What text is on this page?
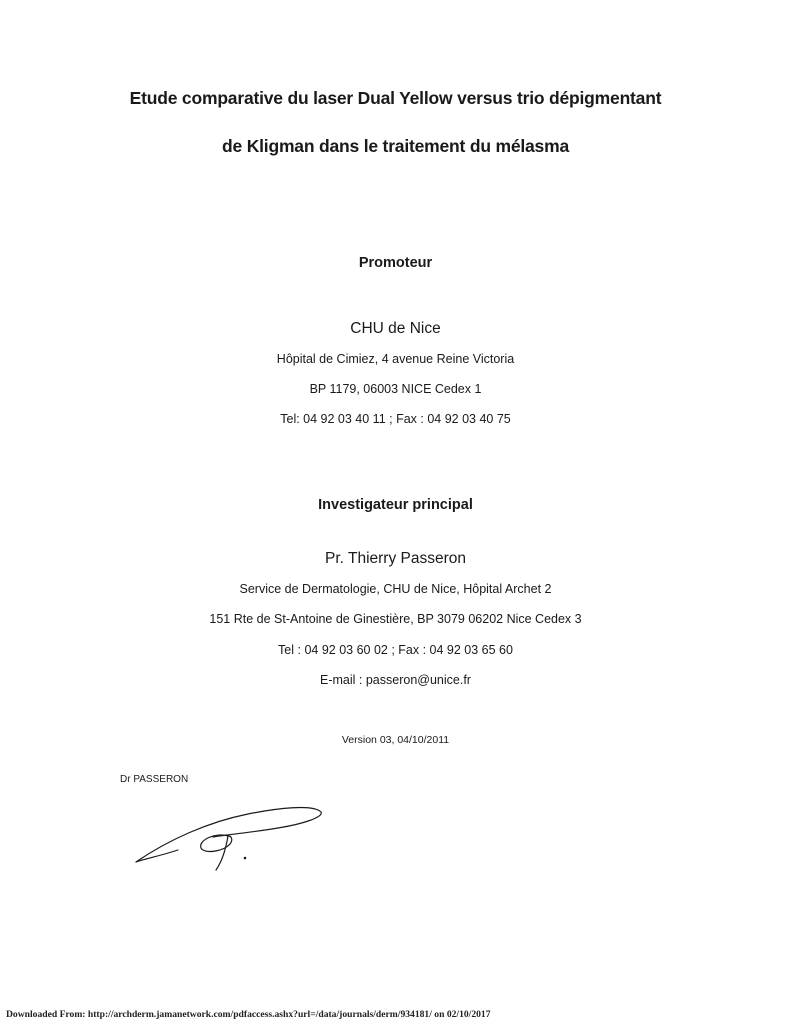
Etude comparative du laser Dual Yellow versus trio dépigmentant
de Kligman dans le traitement du mélasma
Promoteur
CHU de Nice
Hôpital de Cimiez, 4 avenue Reine Victoria
BP 1179, 06003 NICE Cedex 1
Tel: 04 92 03 40 11 ; Fax : 04 92 03 40 75
Investigateur principal
Pr. Thierry Passeron
Service de Dermatologie, CHU de Nice, Hôpital Archet 2
151 Rte de St-Antoine de Ginestière, BP 3079 06202 Nice Cedex 3
Tel : 04 92 03 60 02 ; Fax : 04 92 03 65 60
E-mail : passeron@unice.fr
Version 03, 04/10/2011
Dr PASSERON
Downloaded From: http://archderm.jamanetwork.com/pdfaccess.ashx?url=/data/journals/derm/934181/ on 02/10/2017
